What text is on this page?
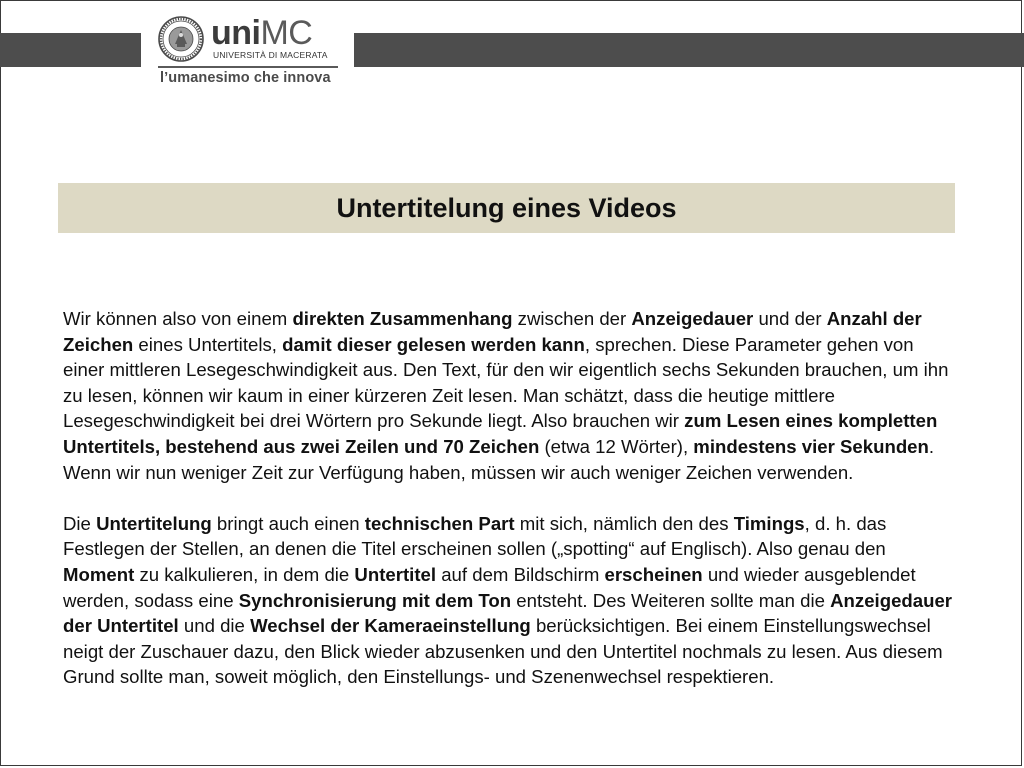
uniMC
UNIVERSITÀ DI MACERATA
l’umanesimo che innova
Untertitelung eines Videos

Wir können also von einem direkten Zusammenhang zwischen der Anzeigedauer und der Anzahl der Zeichen eines Untertitels, damit dieser gelesen werden kann, sprechen. Diese Parameter gehen von einer mittleren Lesegeschwindigkeit aus. Den Text, für den wir eigentlich sechs Sekunden brauchen, um ihn zu lesen, können wir kaum in einer kürzeren Zeit lesen. Man schätzt, dass die heutige mittlere Lesegeschwindigkeit bei drei Wörtern pro Sekunde liegt. Also brauchen wir zum Lesen eines kompletten Untertitels, bestehend aus zwei Zeilen und 70 Zeichen (etwa 12 Wörter), mindestens vier Sekunden. Wenn wir nun weniger Zeit zur Verfügung haben, müssen wir auch weniger Zeichen verwenden.

Die Untertitelung bringt auch einen technischen Part mit sich, nämlich den des Timings, d. h. das Festlegen der Stellen, an denen die Titel erscheinen sollen („spotting“ auf Englisch). Also genau den Moment zu kalkulieren, in dem die Untertitel auf dem Bildschirm erscheinen und wieder ausgeblendet werden, sodass eine Synchronisierung mit dem Ton entsteht. Des Weiteren sollte man die Anzeigedauer der Untertitel und die Wechsel der Kameraeinstellung berücksichtigen. Bei einem Einstellungswechsel neigt der Zuschauer dazu, den Blick wieder abzusenken und den Untertitel nochmals zu lesen. Aus diesem Grund sollte man, soweit möglich, den Einstellungs- und Szenenwechsel respektieren.
